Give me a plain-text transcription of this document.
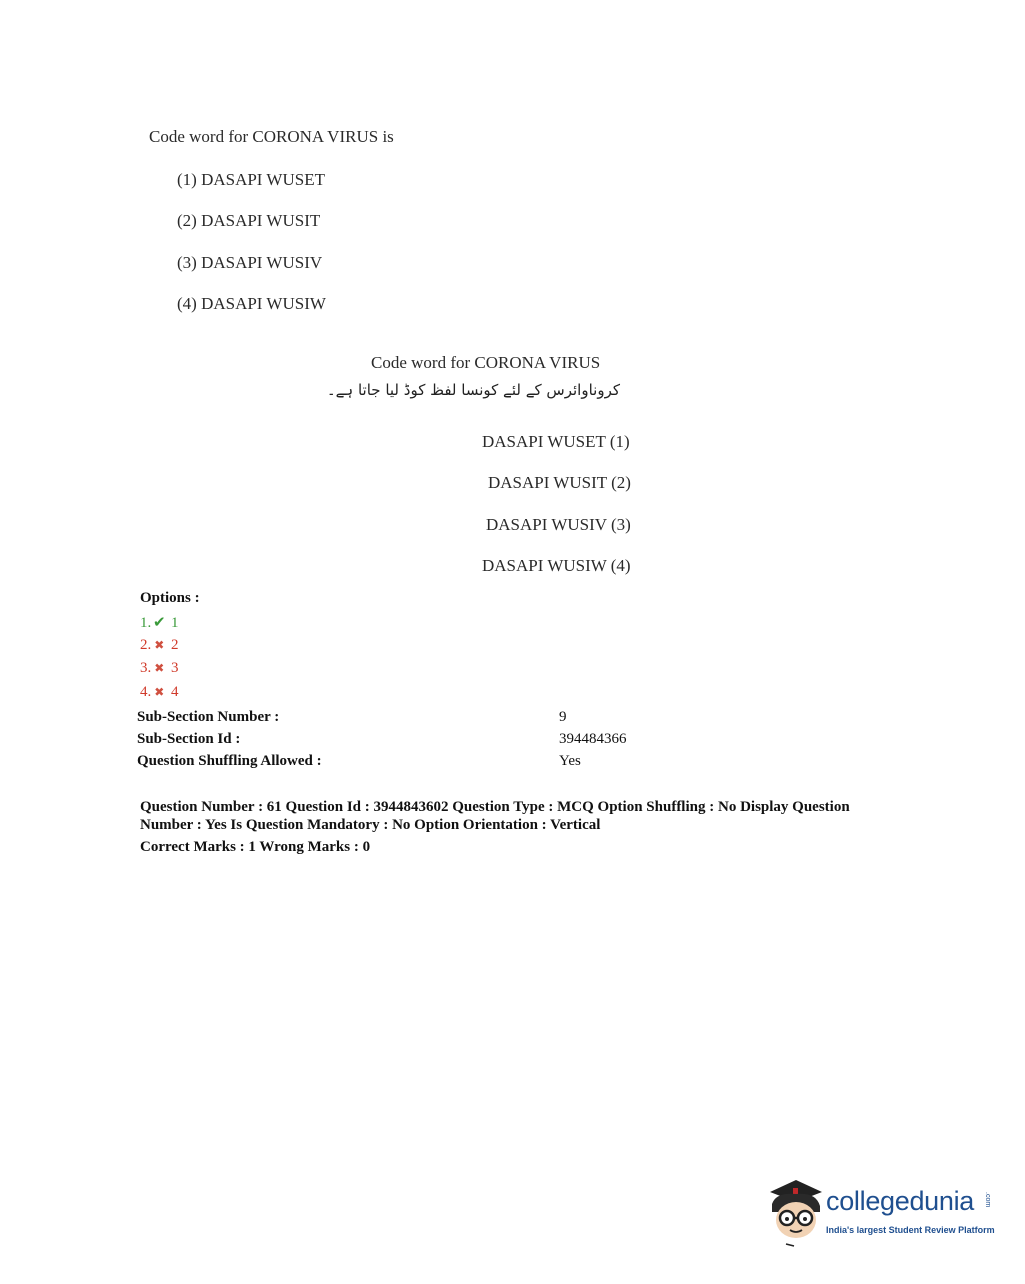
Code word for CORONA VIRUS is
(1) DASAPI WUSET
(2) DASAPI WUSIT
(3) DASAPI WUSIV
(4) DASAPI WUSIW
Code word for CORONA VIRUS
کروناوائرس کے لئے کونسا لفظ کوڈ لیا جاتا ہے۔
DASAPI WUSET (1)
DASAPI WUSIT (2)
DASAPI WUSIV (3)
DASAPI WUSIW (4)
Options :
1. ✔ 1
2. ✖ 2
3. ✖ 3
4. ✖ 4
Sub-Section Number :	9
Sub-Section Id :	394484366
Question Shuffling Allowed :	Yes
Question Number : 61 Question Id : 3944843602 Question Type : MCQ Option Shuffling : No Display Question
Number : Yes Is Question Mandatory : No Option Orientation : Vertical
Correct Marks : 1 Wrong Marks : 0
collegedunia .com
India's largest Student Review Platform
